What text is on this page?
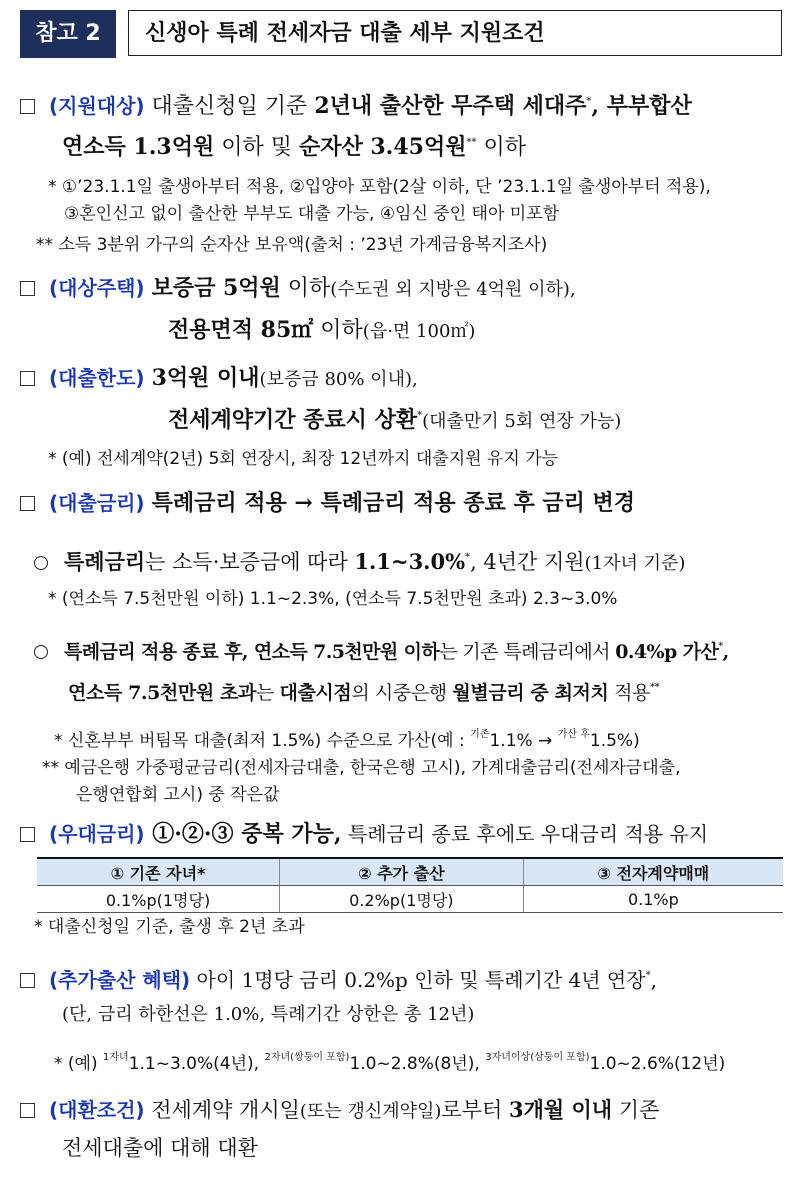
참고 2	신생아 특례 전세자금 대출 세부 지원조건
(지원대상) 대출신청일 기준 2년내 출산한 무주택 세대주*, 부부합산
연소득 1.3억원 이하 및 순자산 3.45억원** 이하
* ①’23.1.1일 출생아부터 적용, ②입양아 포함(2살 이하, 단 ’23.1.1일 출생아부터 적용),
③혼인신고 없이 출산한 부부도 대출 가능, ④임신 중인 태아 미포함
** 소득 3분위 가구의 순자산 보유액(출처 : ’23년 가계금융복지조사)
(대상주택) 보증금 5억원 이하(수도권 외 지방은 4억원 이하),
전용면적 85㎡ 이하(읍·면 100㎡)
(대출한도) 3억원 이내(보증금 80% 이내),
전세계약기간 종료시 상환*(대출만기 5회 연장 가능)
* (예) 전세계약(2년) 5회 연장시, 최장 12년까지 대출지원 유지 가능
(대출금리) 특례금리 적용 → 특례금리 적용 종료 후 금리 변경
특례금리는 소득·보증금에 따라 1.1~3.0%*, 4년간 지원(1자녀 기준)
* (연소득 7.5천만원 이하) 1.1~2.3%, (연소득 7.5천만원 초과) 2.3~3.0%
특례금리 적용 종료 후, 연소득 7.5천만원 이하는 기존 특례금리에서 0.4%p 가산*,
연소득 7.5천만원 초과는 대출시점의 시중은행 월별금리 중 최저치 적용**
* 신혼부부 버팀목 대출(최저 1.5%) 수준으로 가산(예 : $^{기존}$1.1% → $^{가산 후}$1.5%)
** 예금은행 가중평균금리(전세자금대출, 한국은행 고시), 가계대출금리(전세자금대출,
은행연합회 고시) 중 작은값
(우대금리) ①·②·③ 중복 가능, 특례금리 종료 후에도 우대금리 적용 유지
① 기존 자녀*	② 추가 출산	③ 전자계약매매
0.1%p(1명당)	0.2%p(1명당)	0.1%p
* 대출신청일 기준, 출생 후 2년 초과
(추가출산 혜택) 아이 1명당 금리 0.2%p 인하 및 특례기간 4년 연장*,
(단, 금리 하한선은 1.0%, 특례기간 상한은 총 12년)
* (예) $^{1자녀}$1.1~3.0%(4년), $^{2자녀(쌍둥이 포함)}$1.0~2.8%(8년), $^{3자녀이상(삼둥이 포함)}$1.0~2.6%(12년)
(대환조건) 전세계약 개시일(또는 갱신계약일)로부터 3개월 이내 기존
전세대출에 대해 대환
